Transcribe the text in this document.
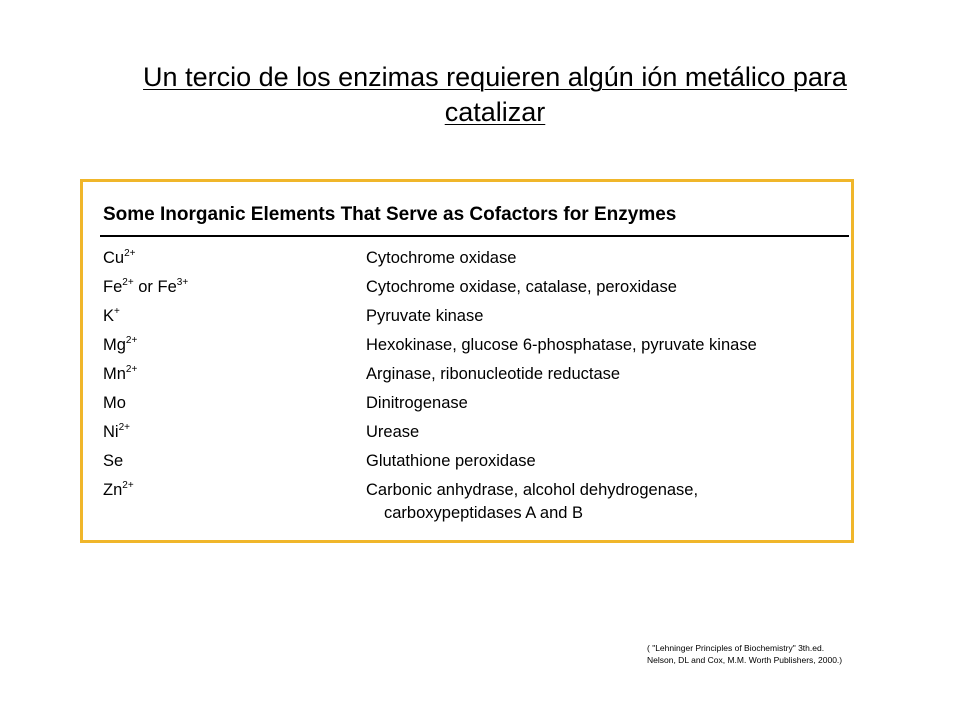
Un tercio de los enzimas requieren algún ión metálico para
catalizar
Some Inorganic Elements That Serve as Cofactors for Enzymes
$Cu^{2+}$	Cytochrome oxidase
$Fe^{2+}$ or $Fe^{3+}$	Cytochrome oxidase, catalase, peroxidase
K+	Pyruvate kinase
$Mg^{2+}$	Hexokinase, glucose 6-phosphatase, pyruvate kinase
$Mn^{2+}$	Arginase, ribonucleotide reductase
Mo	Dinitrogenase
$Ni^{2+}$	Urease
Se	Glutathione peroxidase
$Zn^{2+}$	Carbonic anhydrase, alcohol dehydrogenase,
carboxypeptidases A and B
( "Lehninger Principles of Biochemistry" 3th.ed.
Nelson, DL and Cox, M.M. Worth Publishers, 2000.)
